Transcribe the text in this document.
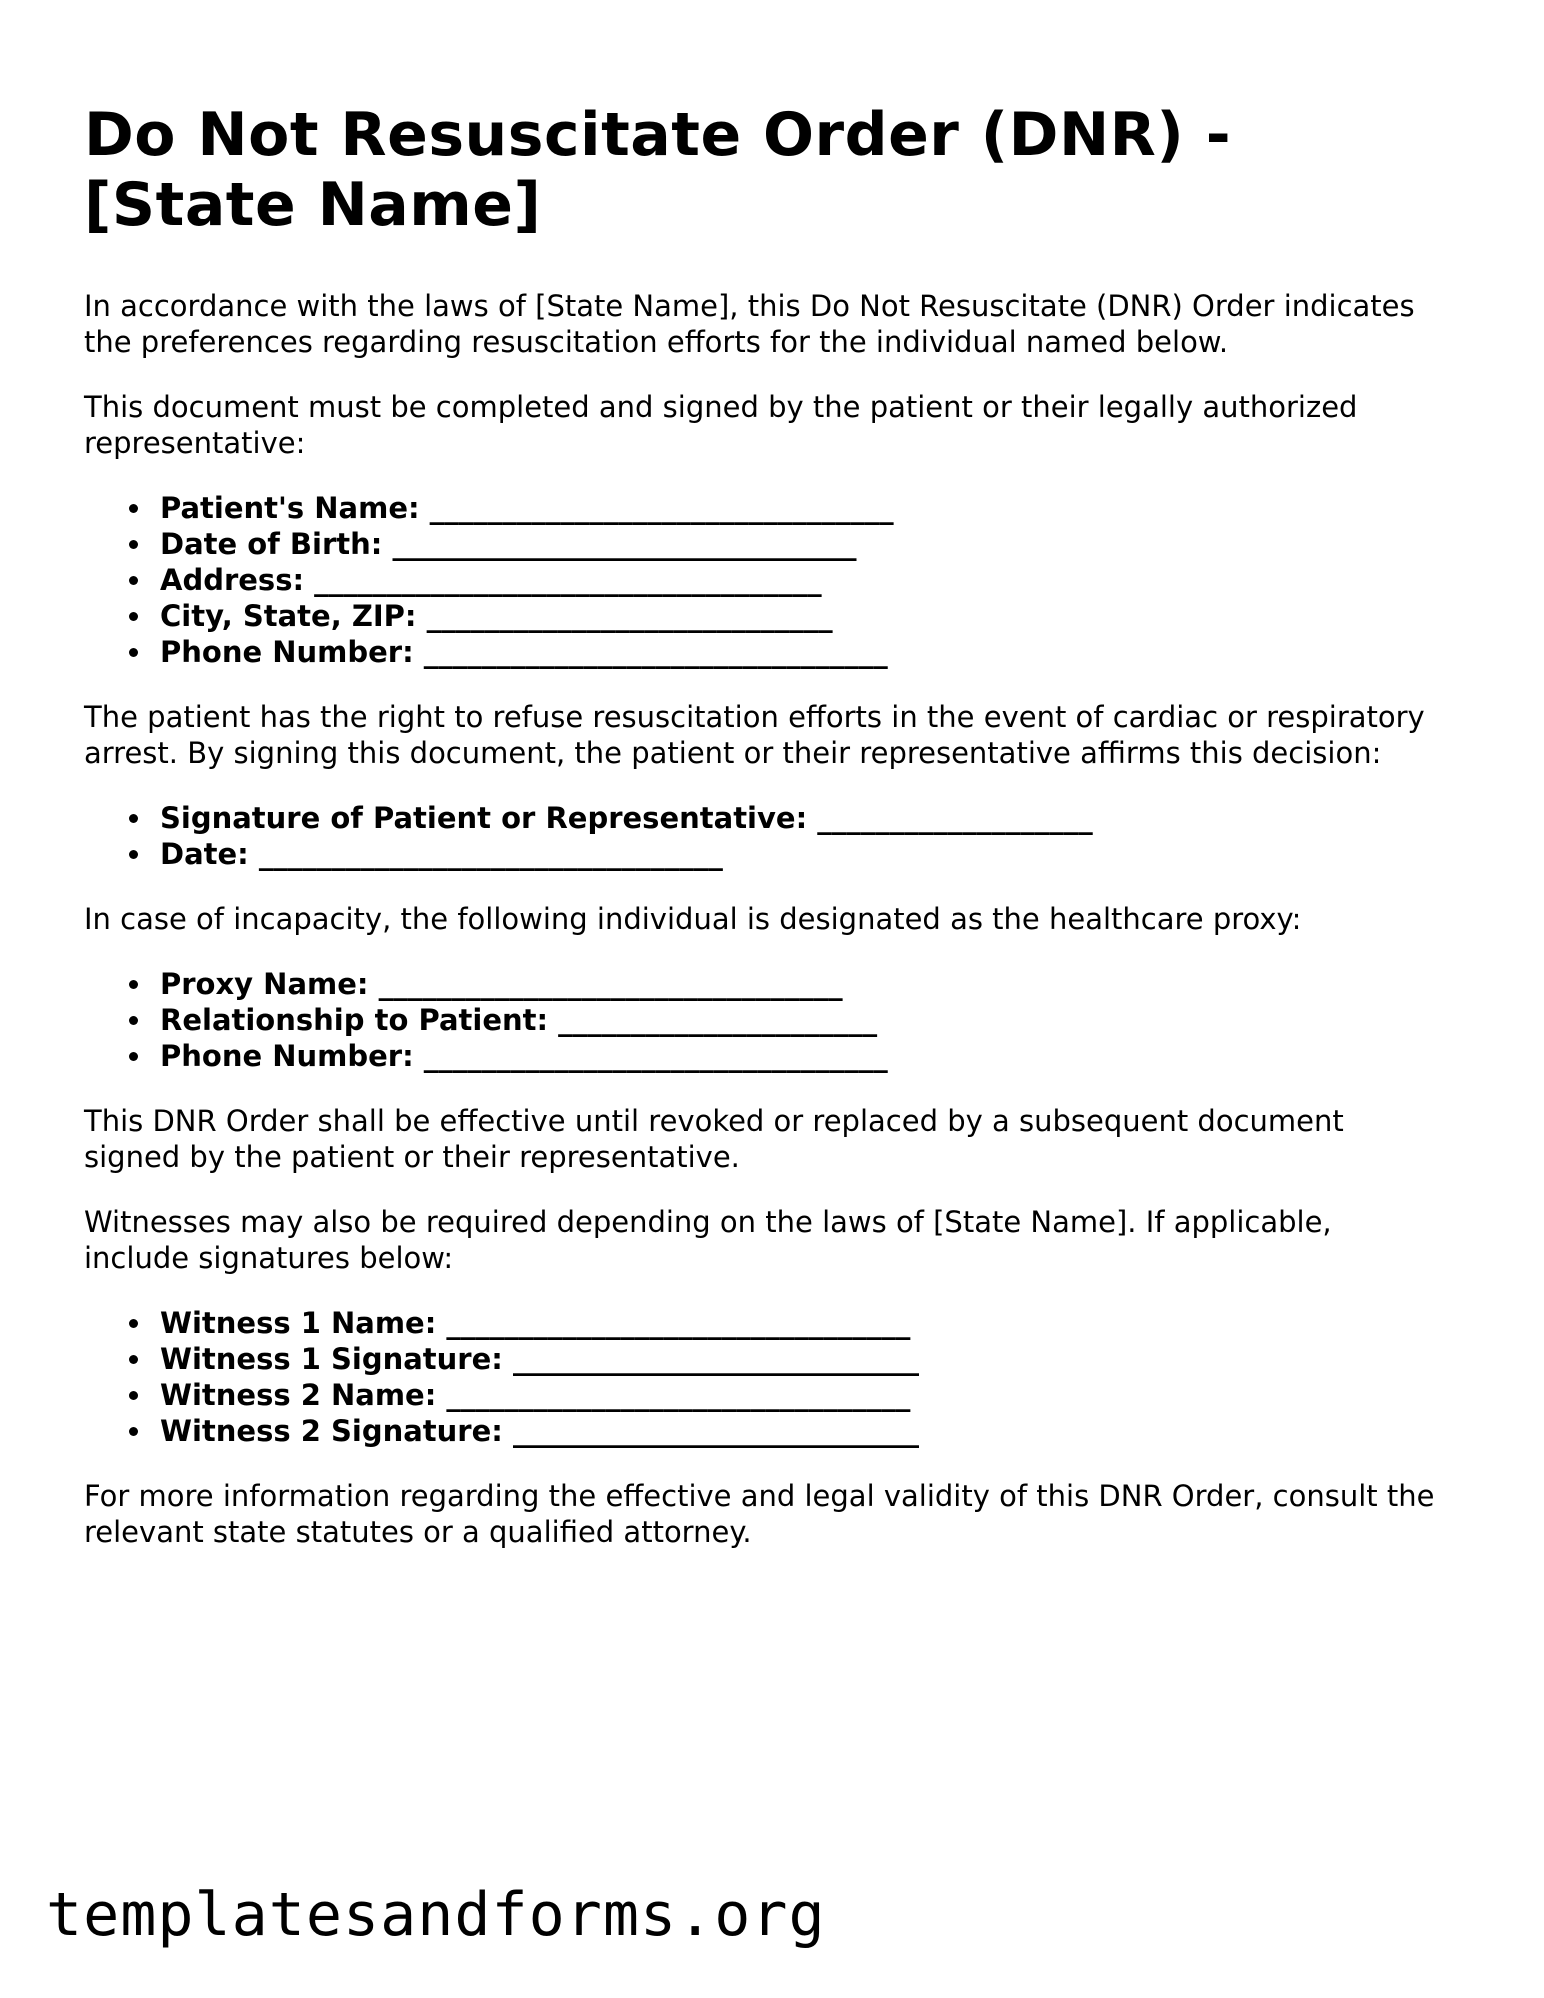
Do Not Resuscitate Order (DNR) -
[State Name]

In accordance with the laws of [State Name], this Do Not Resuscitate (DNR) Order indicates the preferences regarding resuscitation efforts for the individual named below.

This document must be completed and signed by the patient or their legally authorized representative:

Patient's Name: ________________________________
Date of Birth: ________________________________
Address: ___________________________________
City, State, ZIP: ____________________________
Phone Number: ________________________________

The patient has the right to refuse resuscitation efforts in the event of cardiac or respiratory arrest. By signing this document, the patient or their representative affirms this decision:

Signature of Patient or Representative: ___________________
Date: ________________________________

In case of incapacity, the following individual is designated as the healthcare proxy:

Proxy Name: ________________________________
Relationship to Patient: ______________________
Phone Number: ________________________________

This DNR Order shall be effective until revoked or replaced by a subsequent document signed by the patient or their representative.

Witnesses may also be required depending on the laws of [State Name]. If applicable, include signatures below:

Witness 1 Name: ________________________________
Witness 1 Signature: ____________________________
Witness 2 Name: ________________________________
Witness 2 Signature: ____________________________

For more information regarding the effective and legal validity of this DNR Order, consult the relevant state statutes or a qualified attorney.

templatesandforms.org
